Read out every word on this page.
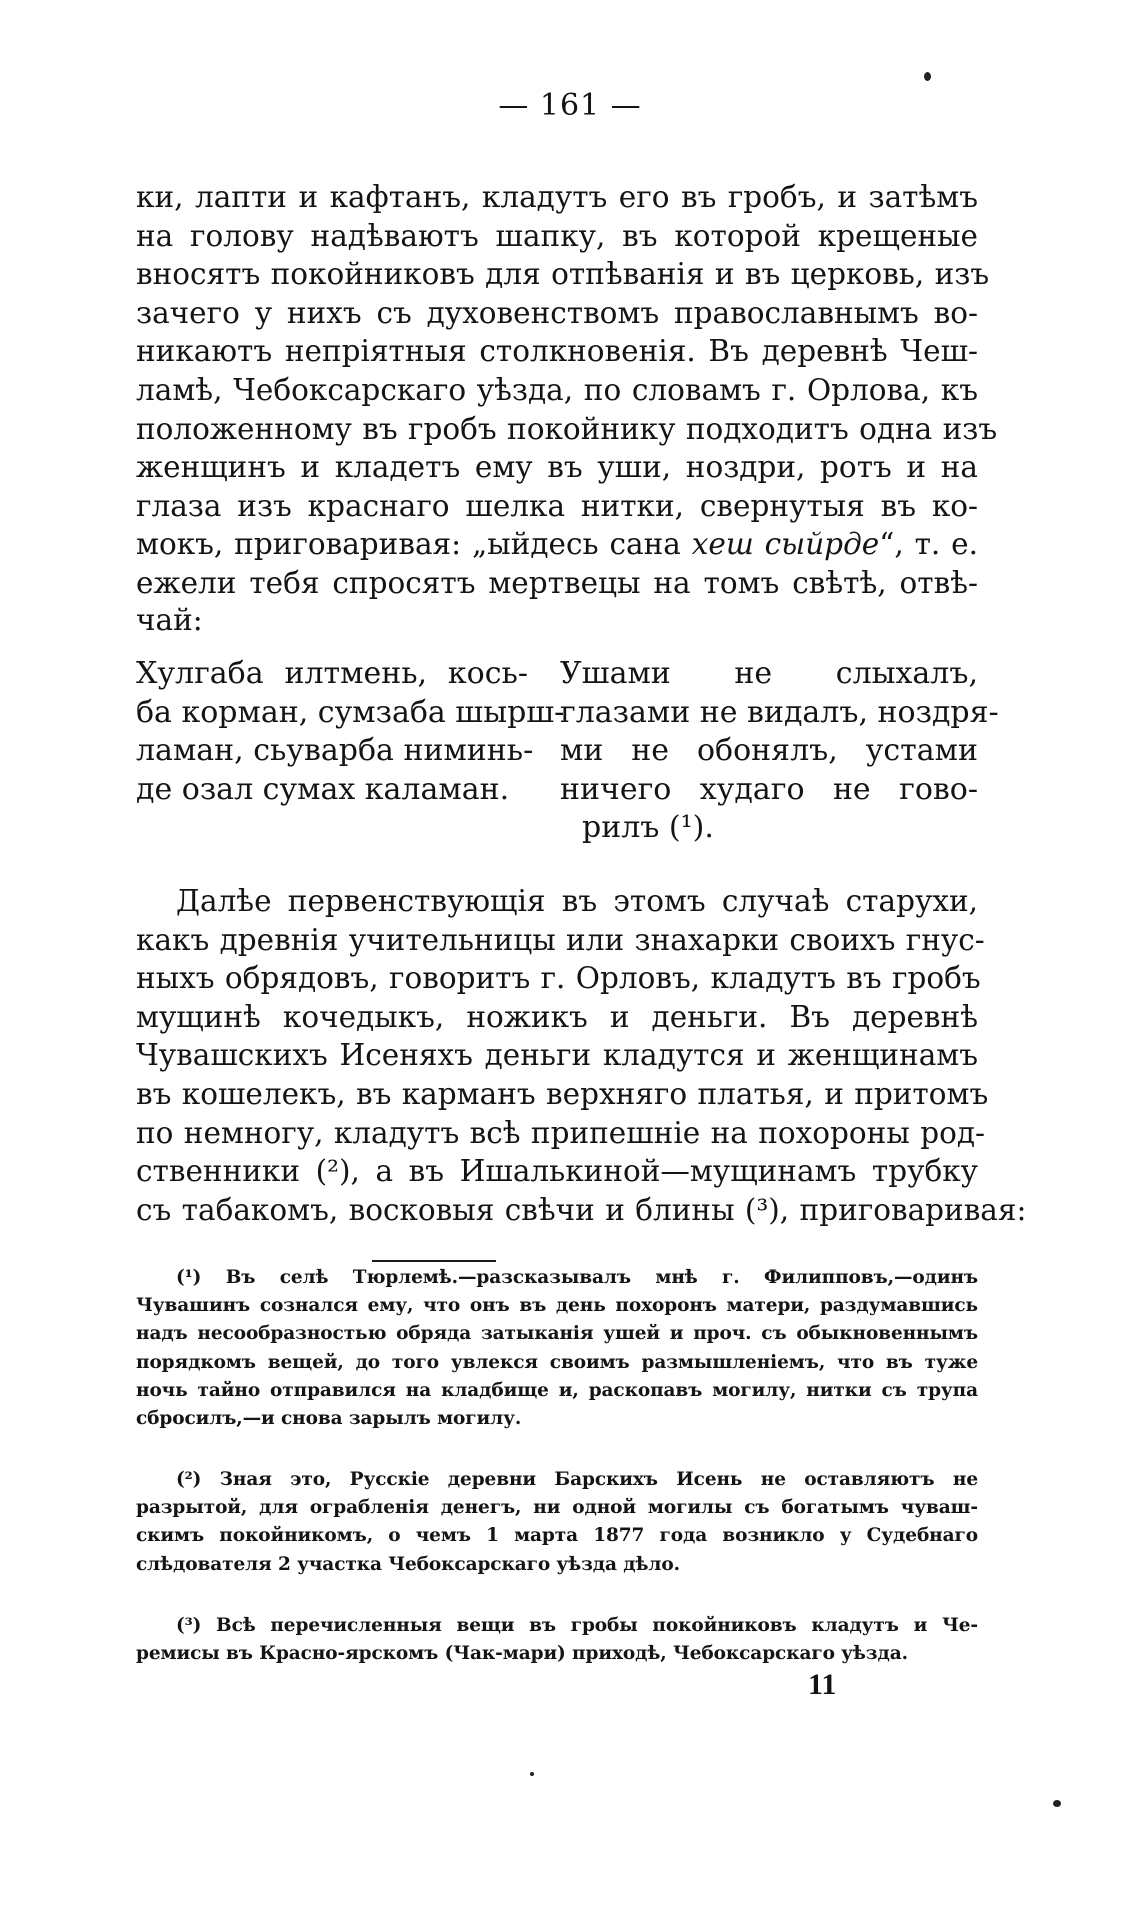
— 161 —
ки, лапти и кафтанъ, кладутъ его въ гробъ, и затѣмъ
на голову надѣваютъ шапку, въ которой крещеные
вносятъ покойниковъ для отпѣванія и въ церковь, изъ
зачего у нихъ съ духовенствомъ православнымъ во-
никаютъ непріятныя столкновенія. Въ деревнѣ Чеш-
ламѣ, Чебоксарскаго уѣзда, по словамъ г. Орлова, къ
положенному въ гробъ покойнику подходитъ одна изъ
женщинъ и кладетъ ему въ уши, ноздри, ротъ и на
глаза изъ краснаго шелка нитки, свернутыя въ ко-
мокъ, приговаривая: „ыйдесь сана хеш сыйрде“, т. е.
ежели тебя спросятъ мертвецы на томъ свѣтѣ, отвѣ-
чай:
Хулгаба илтмень, кось-
ба корман, сумзаба шырш-
ламан, сьуварба ниминь-
де озал сумах каламан.
Ушами не слыхалъ,
глазами не видалъ, ноздря-
ми не обонялъ, устами
ничего худаго не гово-
рилъ (¹).
Далѣе первенствующія въ этомъ случаѣ старухи,
какъ древнія учительницы или знахарки своихъ гнус-
ныхъ обрядовъ, говоритъ г. Орловъ, кладутъ въ гробъ
мущинѣ кочедыкъ, ножикъ и деньги. Въ деревнѣ
Чувашскихъ Исеняхъ деньги кладутся и женщинамъ
въ кошелекъ, въ карманъ верхняго платья, и притомъ
по немногу, кладутъ всѣ припешніе на похороны род-
ственники (²), а въ Ишалькиной—мущинамъ трубку
съ табакомъ, восковыя свѣчи и блины (³), приговаривая:
(¹) Въ селѣ Тюрлемѣ.—разсказывалъ мнѣ г. Филипповъ,—одинъ
Чувашинъ сознался ему, что онъ въ день похоронъ матери, раздумавшись
надъ несообразностью обряда затыканія ушей и проч. съ обыкновеннымъ
порядкомъ вещей, до того увлекся своимъ размышленіемъ, что въ туже
ночь тайно отправился на кладбище и, раскопавъ могилу, нитки съ трупа
сбросилъ,—и снова зарылъ могилу.
(²) Зная это, Русскіе деревни Барскихъ Исень не оставляютъ не
разрытой, для ограбленія денегъ, ни одной могилы съ богатымъ чуваш-
скимъ покойникомъ, о чемъ 1 марта 1877 года возникло у Судебнаго
слѣдователя 2 участка Чебоксарскаго уѣзда дѣло.
(³) Всѣ перечисленныя вещи въ гробы покойниковъ кладутъ и Че-
ремисы въ Красно-ярскомъ (Чак-мари) приходѣ, Чебоксарскаго уѣзда.
11
